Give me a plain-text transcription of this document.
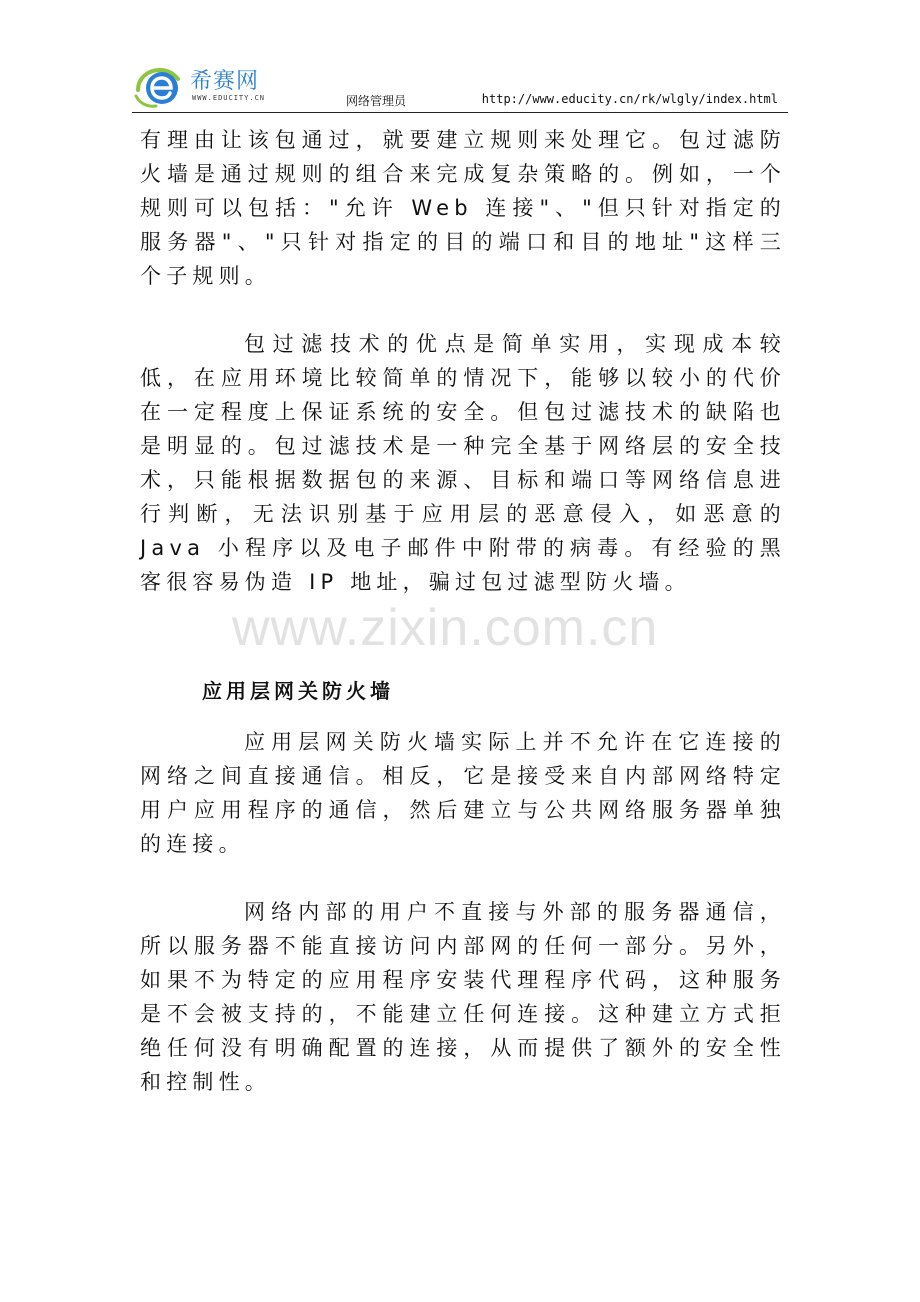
希赛网
WWW.EDUCITY.CN	网络管理员	http://www.educity.cn/rk/wlgly/index.html
www.zixin.com.cn

有理由让该包通过，就要建立规则来处理它。包过滤防火墙是通过规则的组合来完成复杂策略的。例如，一个规则可以包括："允许 Web 连接"、"但只针对指定的服务器"、"只针对指定的目的端口和目的地址"这样三个子规则。

包过滤技术的优点是简单实用，实现成本较低，在应用环境比较简单的情况下，能够以较小的代价在一定程度上保证系统的安全。但包过滤技术的缺陷也是明显的。包过滤技术是一种完全基于网络层的安全技术，只能根据数据包的来源、目标和端口等网络信息进行判断，无法识别基于应用层的恶意侵入，如恶意的 Java 小程序以及电子邮件中附带的病毒。有经验的黑客很容易伪造 IP 地址，骗过包过滤型防火墙。

应用层网关防火墙

应用层网关防火墙实际上并不允许在它连接的网络之间直接通信。相反，它是接受来自内部网络特定用户应用程序的通信，然后建立与公共网络服务器单独的连接。

网络内部的用户不直接与外部的服务器通信，所以服务器不能直接访问内部网的任何一部分。另外，如果不为特定的应用程序安装代理程序代码，这种服务是不会被支持的，不能建立任何连接。这种建立方式拒绝任何没有明确配置的连接，从而提供了额外的安全性和控制性。
